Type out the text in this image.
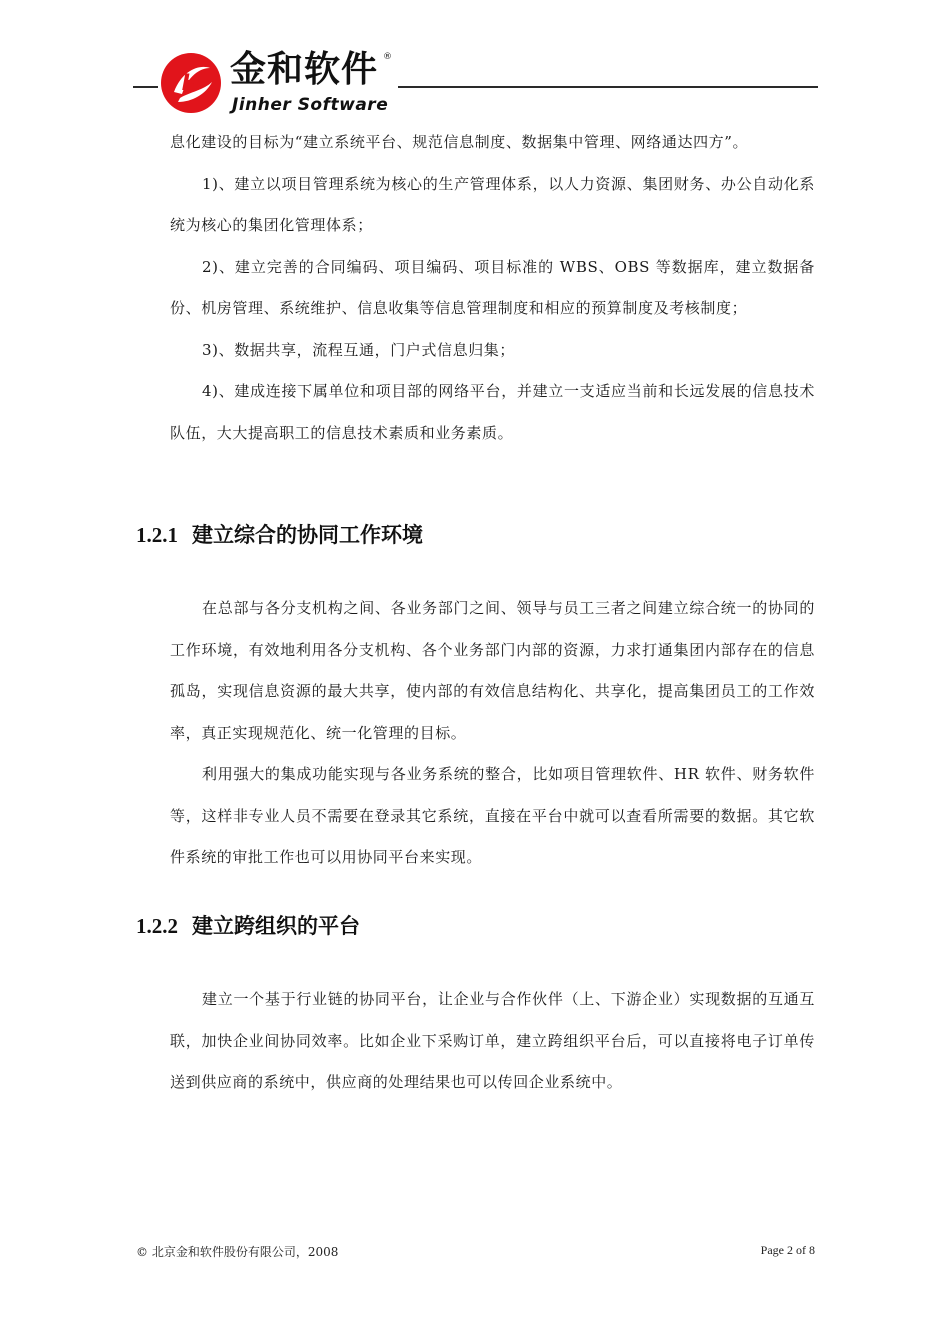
H 金和软件 ®
Jinher Software

息化建设的目标为“建立系统平台、规范信息制度、数据集中管理、网络通达四方”。

1)、建立以项目管理系统为核心的生产管理体系，以人力资源、集团财务、办公自动化系统为核心的集团化管理体系；

2)、建立完善的合同编码、项目编码、项目标准的 WBS、OBS 等数据库，建立数据备份、机房管理、系统维护、信息收集等信息管理制度和相应的预算制度及考核制度；

3)、数据共享，流程互通，门户式信息归集；

4)、建成连接下属单位和项目部的网络平台，并建立一支适应当前和长远发展的信息技术队伍，大大提高职工的信息技术素质和业务素质。

1.2.1 建立综合的协同工作环境

在总部与各分支机构之间、各业务部门之间、领导与员工三者之间建立综合统一的协同的工作环境，有效地利用各分支机构、各个业务部门内部的资源，力求打通集团内部存在的信息孤岛，实现信息资源的最大共享，使内部的有效信息结构化、共享化，提高集团员工的工作效率，真正实现规范化、统一化管理的目标。

利用强大的集成功能实现与各业务系统的整合，比如项目管理软件、HR 软件、财务软件等，这样非专业人员不需要在登录其它系统，直接在平台中就可以查看所需要的数据。其它软件系统的审批工作也可以用协同平台来实现。

1.2.2 建立跨组织的平台

建立一个基于行业链的协同平台，让企业与合作伙伴（上、下游企业）实现数据的互通互联，加快企业间协同效率。比如企业下采购订单，建立跨组织平台后，可以直接将电子订单传送到供应商的系统中，供应商的处理结果也可以传回企业系统中。

© 北京金和软件股份有限公司，2008	Page 2 of 8
